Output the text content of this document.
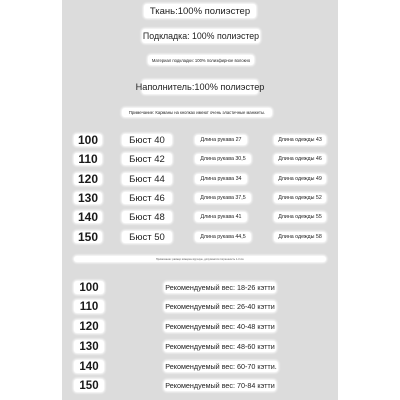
Ткань:100% полиэстер
Подкладка: 100% полиэстер
Материал подкладки: 100% полиэфирное волокно
Наполнитель:100% полиэстер
Примечание: Карманы на кнопках имеют очень эластичные манжеты.
100	Бюст 40	Длина рукава 27	Длина одежды 43
110	Бюст 42	Длина рукава 30,5	Длина одежды 46
120	Бюст 44	Длина рукава 34	Длина одежды 49
130	Бюст 46	Длина рукава 37,5	Длина одежды 52
140	Бюст 48	Длина рукава 41	Длина одежды 55
150	Бюст 50	Длина рукава 44,5	Длина одежды 58
Примечание: размер измерен вручную, допускается погрешность 1-3 см.
100	Рекомендуемый вес: 18-26 кэтти
110	Рекомендуемый вес: 26-40 кэтти
120	Рекомендуемый вес: 40-48 кэтти
130	Рекомендуемый вес: 48-60 кэтти
140	Рекомендуемый вес: 60-70 кэтти.
150	Рекомендуемый вес: 70-84 кэтти
